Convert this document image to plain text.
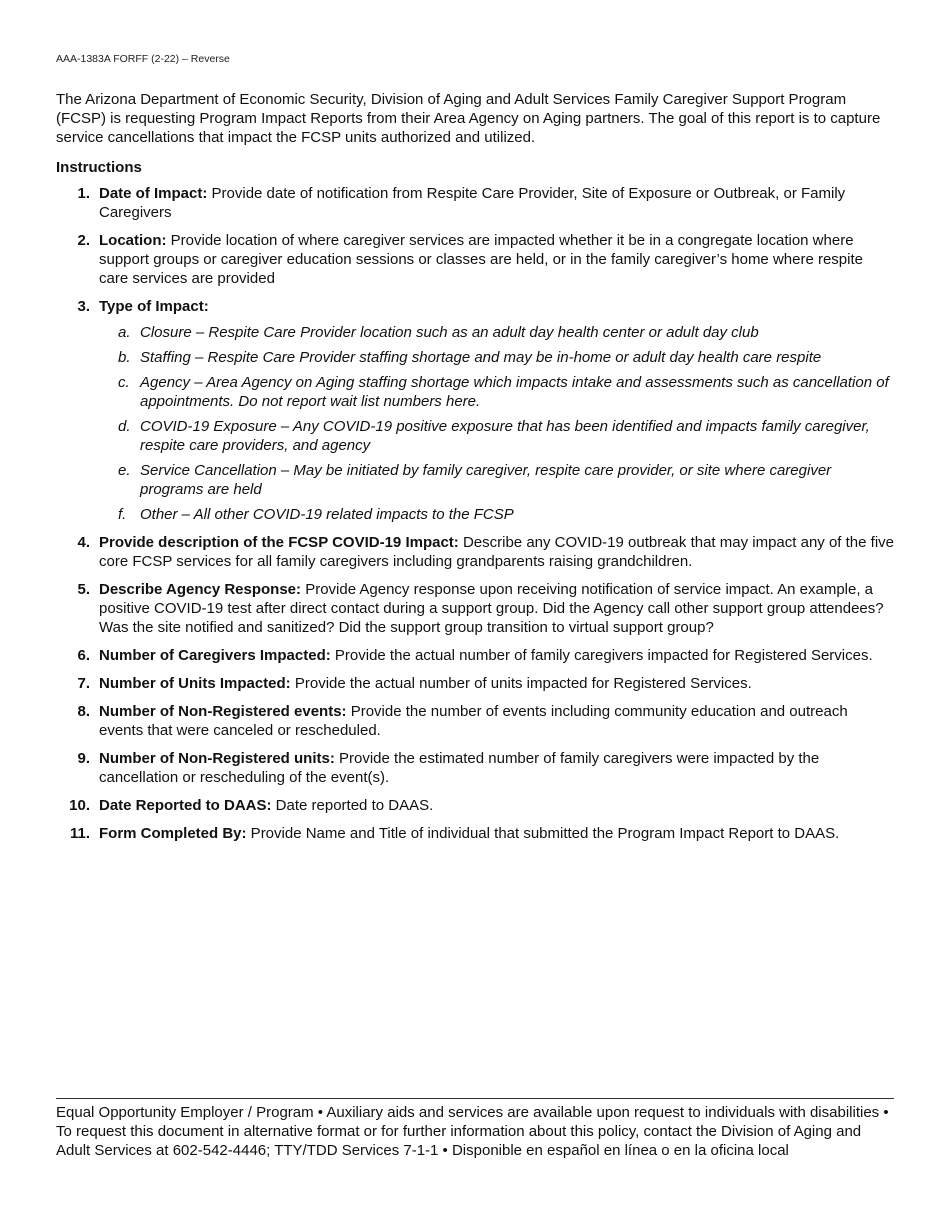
AAA-1383A FORFF (2-22) – Reverse

The Arizona Department of Economic Security, Division of Aging and Adult Services Family Caregiver Support Program (FCSP) is requesting Program Impact Reports from their Area Agency on Aging partners. The goal of this report is to capture service cancellations that impact the FCSP units authorized and utilized.

Instructions

1. Date of Impact: Provide date of notification from Respite Care Provider, Site of Exposure or Outbreak, or Family Caregivers
2. Location: Provide location of where caregiver services are impacted whether it be in a congregate location where support groups or caregiver education sessions or classes are held, or in the family caregiver’s home where respite care services are provided
3. Type of Impact:
a. Closure – Respite Care Provider location such as an adult day health center or adult day club
b. Staffing – Respite Care Provider staffing shortage and may be in-home or adult day health care respite
c. Agency – Area Agency on Aging staffing shortage which impacts intake and assessments such as cancellation of appointments. Do not report wait list numbers here.
d. COVID-19 Exposure – Any COVID-19 positive exposure that has been identified and impacts family caregiver, respite care providers, and agency
e. Service Cancellation – May be initiated by family caregiver, respite care provider, or site where caregiver programs are held
f. Other – All other COVID-19 related impacts to the FCSP
4. Provide description of the FCSP COVID-19 Impact: Describe any COVID-19 outbreak that may impact any of the five core FCSP services for all family caregivers including grandparents raising grandchildren.
5. Describe Agency Response: Provide Agency response upon receiving notification of service impact. An example, a positive COVID-19 test after direct contact during a support group. Did the Agency call other support group attendees? Was the site notified and sanitized? Did the support group transition to virtual support group?
6. Number of Caregivers Impacted: Provide the actual number of family caregivers impacted for Registered Services.
7. Number of Units Impacted: Provide the actual number of units impacted for Registered Services.
8. Number of Non-Registered events: Provide the number of events including community education and outreach events that were canceled or rescheduled.
9. Number of Non-Registered units: Provide the estimated number of family caregivers were impacted by the cancellation or rescheduling of the event(s).
10. Date Reported to DAAS: Date reported to DAAS.
11. Form Completed By: Provide Name and Title of individual that submitted the Program Impact Report to DAAS.
Equal Opportunity Employer / Program • Auxiliary aids and services are available upon request to individuals with disabilities • To request this document in alternative format or for further information about this policy, contact the Division of Aging and Adult Services at 602-542-4446; TTY/TDD Services 7-1-1 • Disponible en español en línea o en la oficina local
